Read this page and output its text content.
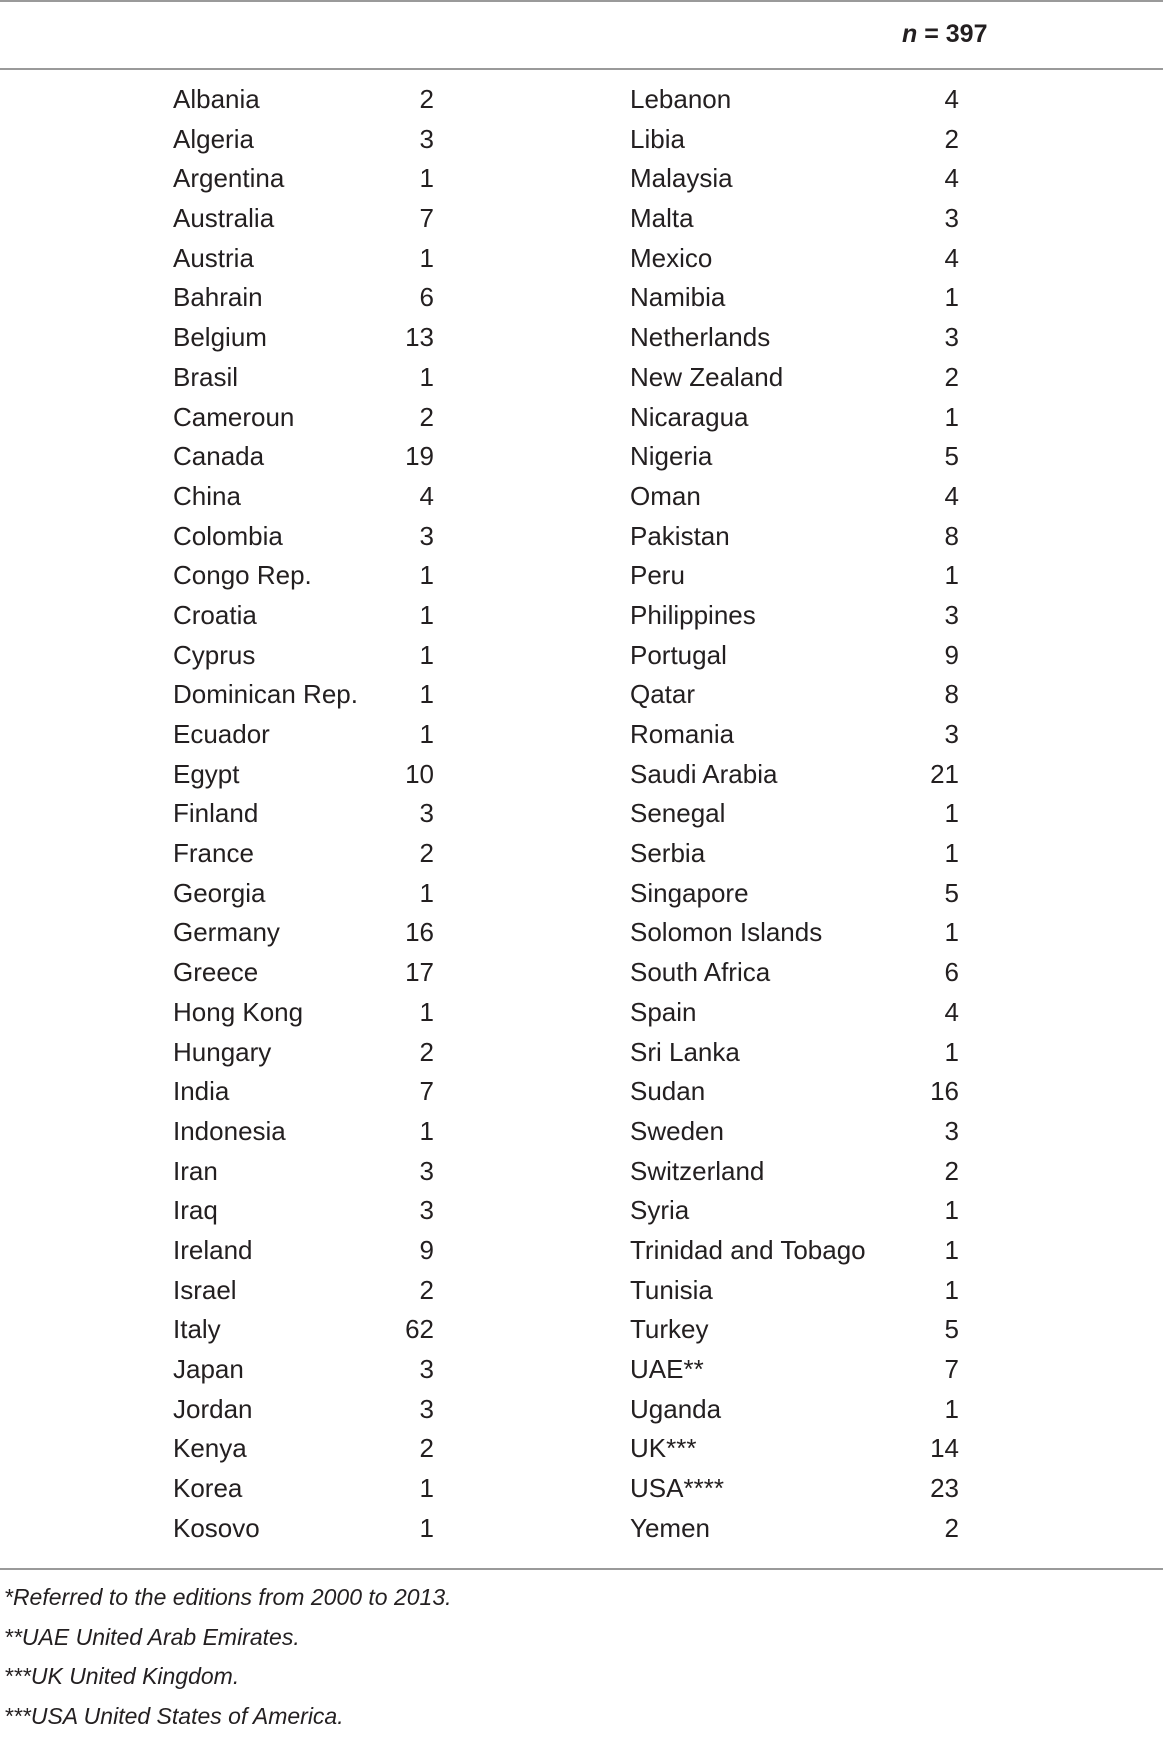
n = 397
Albania	2	Lebanon	4
Algeria	3	Libia	2
Argentina	1	Malaysia	4
Australia	7	Malta	3
Austria	1	Mexico	4
Bahrain	6	Namibia	1
Belgium	13	Netherlands	3
Brasil	1	New Zealand	2
Cameroun	2	Nicaragua	1
Canada	19	Nigeria	5
China	4	Oman	4
Colombia	3	Pakistan	8
Congo Rep.	1	Peru	1
Croatia	1	Philippines	3
Cyprus	1	Portugal	9
Dominican Rep.	1	Qatar	8
Ecuador	1	Romania	3
Egypt	10	Saudi Arabia	21
Finland	3	Senegal	1
France	2	Serbia	1
Georgia	1	Singapore	5
Germany	16	Solomon Islands	1
Greece	17	South Africa	6
Hong Kong	1	Spain	4
Hungary	2	Sri Lanka	1
India	7	Sudan	16
Indonesia	1	Sweden	3
Iran	3	Switzerland	2
Iraq	3	Syria	1
Ireland	9	Trinidad and Tobago	1
Israel	2	Tunisia	1
Italy	62	Turkey	5
Japan	3	UAE**	7
Jordan	3	Uganda	1
Kenya	2	UK***	14
Korea	1	USA****	23
Kosovo	1	Yemen	2
*Referred to the editions from 2000 to 2013.
**UAE United Arab Emirates.
***UK United Kingdom.
***USA United States of America.
